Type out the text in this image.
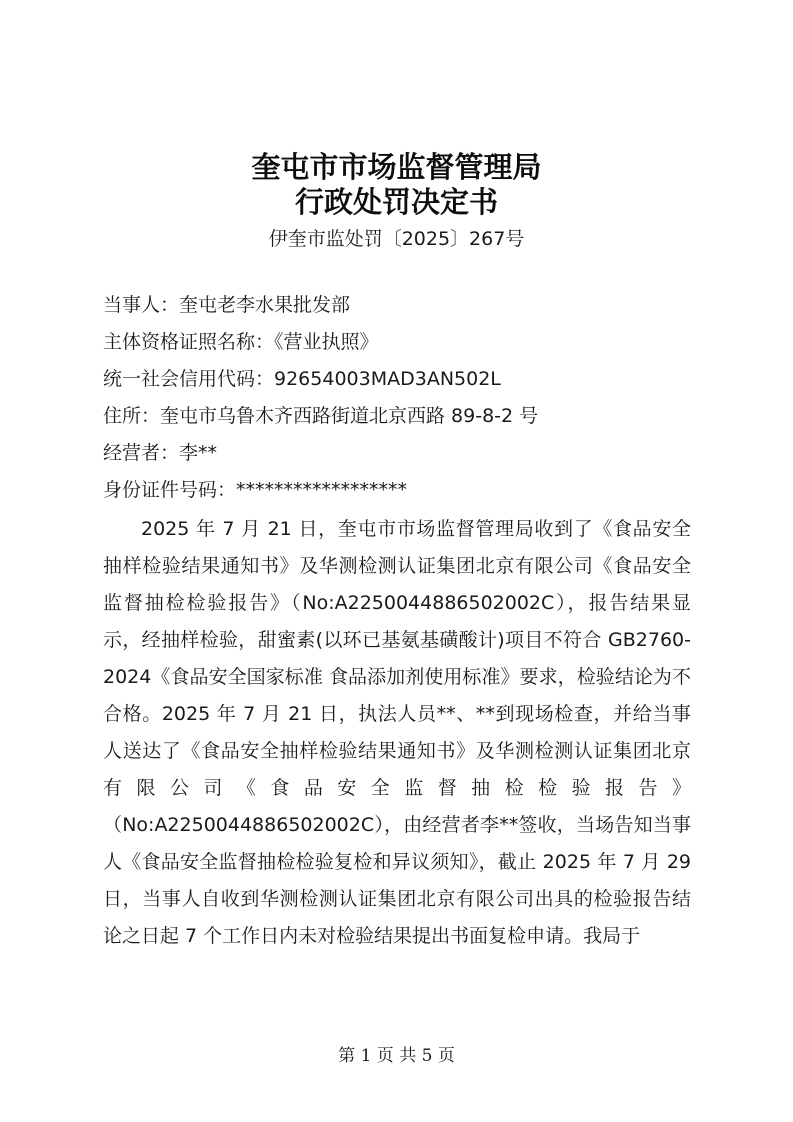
奎屯市市场监督管理局
行政处罚决定书
伊奎市监处罚〔2025〕267号
当事人：奎屯老李水果批发部
主体资格证照名称：《营业执照》
统一社会信用代码：92654003MAD3AN502L
住所：奎屯市乌鲁木齐西路街道北京西路 89-8-2 号
经营者：李**
身份证件号码：******************
2025 年 7 月 21 日，奎屯市市场监督管理局收到了《食品安全抽样检验结果通知书》及华测检测认证集团北京有限公司《食品安全监督抽检检验报告》（No:A2250044886502002C），报告结果显示，经抽样检验，甜蜜素(以环已基氨基磺酸计)项目不符合 GB2760-2024《食品安全国家标准 食品添加剂使用标准》要求，检验结论为不合格。2025 年 7 月 21 日，执法人员**、**到现场检查，并给当事人送达了《食品安全抽样检验结果通知书》及华测检测认证集团北京有限公司《食品安全监督抽检检验报告》（No:A2250044886502002C），由经营者李**签收，当场告知当事人《食品安全监督抽检检验复检和异议须知》，截止 2025 年 7 月 29 日，当事人自收到华测检测认证集团北京有限公司出具的检验报告结论之日起 7 个工作日内未对检验结果提出书面复检申请。我局于
第 1 页 共 5 页
